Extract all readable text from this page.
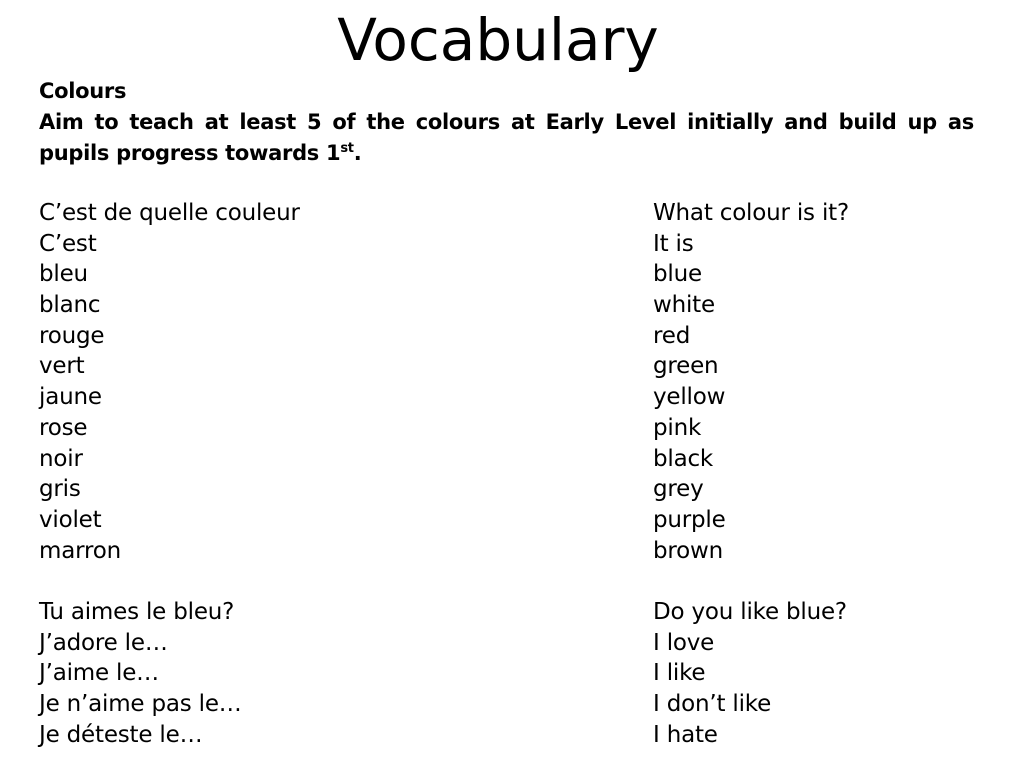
Vocabulary

Colours

Aim to teach at least 5 of the colours at Early Level initially and build up as pupils progress towards 1st.

C’est de quelle couleur	What colour is it?
C’est	It is
bleu	blue
blanc	white
rouge	red
vert	green
jaune	yellow
rose	pink
noir	black
gris	grey
violet	purple
marron	brown
Tu aimes le bleu?	Do you like blue?
J’adore le…	I love
J’aime le…	I like
Je n’aime pas le…	I don’t like
Je déteste le…	I hate
